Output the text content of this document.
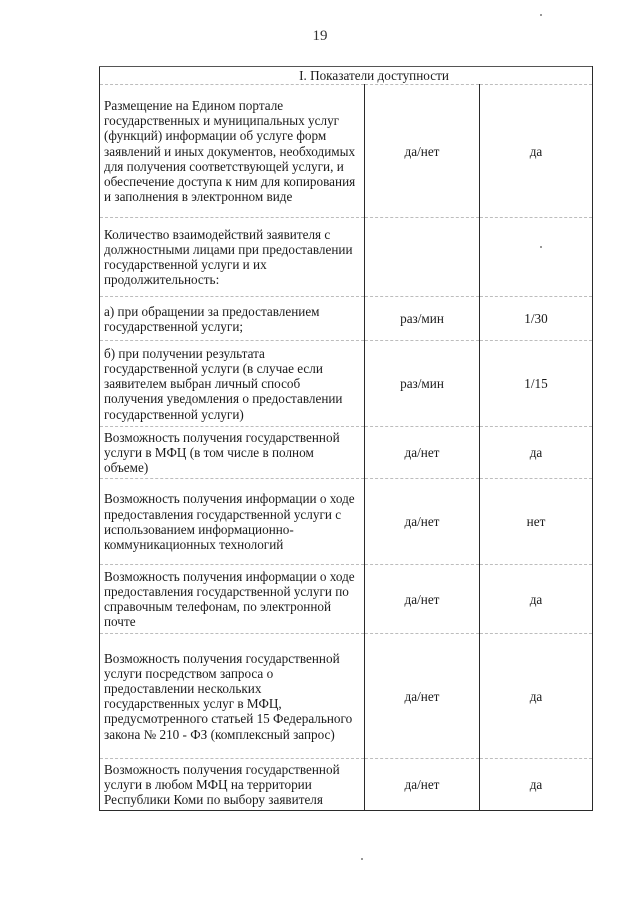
19
I. Показатели доступности		
Размещение на Едином портале государственных и муниципальных услуг (функций) информации об услуге форм заявлений и иных документов, необходимых для получения соответствующей услуги, и обеспечение доступа к ним для копирования и заполнения в электронном виде	да/нет	да
Количество взаимодействий заявителя с должностными лицами при предоставлении государственной услуги и их продолжительность:		
а) при обращении за предоставлением государственной услуги;	раз/мин	1/30
б) при получении результата государственной услуги (в случае если заявителем выбран личный способ получения уведомления о предоставлении государственной услуги)	раз/мин	1/15
Возможность получения государственной услуги в МФЦ (в том числе в полном объеме)	да/нет	да
Возможность получения информации о ходе предоставления государственной услуги с использованием информационно-коммуникационных технологий	да/нет	нет
Возможность получения информации о ходе предоставления государственной услуги по справочным телефонам, по электронной почте	да/нет	да
Возможность получения государственной услуги посредством запроса о предоставлении нескольких государственных услуг в МФЦ, предусмотренного статьей 15 Федерального закона № 210 - ФЗ (комплексный запрос)	да/нет	да
Возможность получения государственной услуги в любом МФЦ на территории Республики Коми по выбору заявителя	да/нет	да
